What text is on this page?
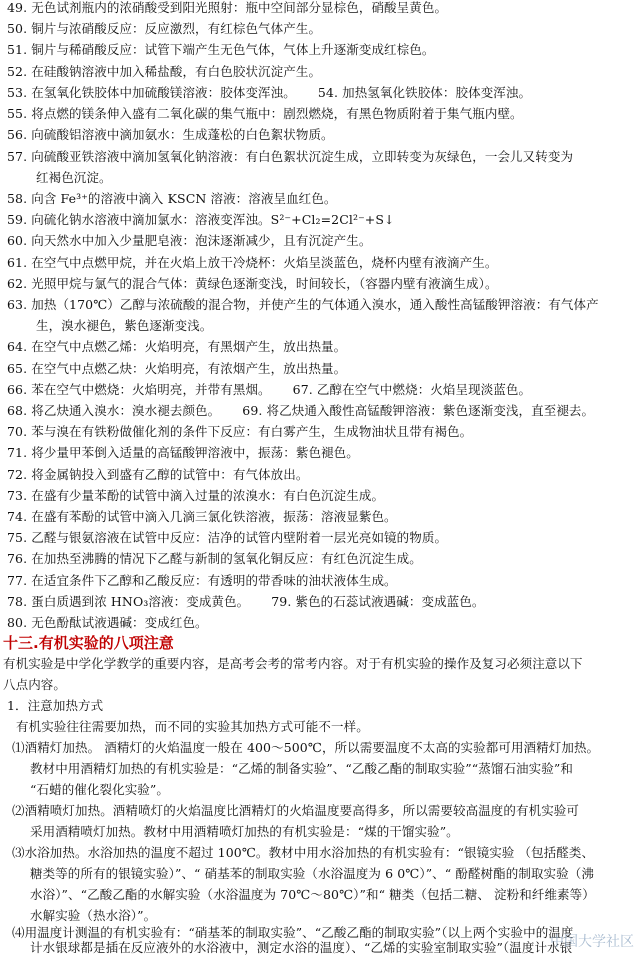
49. 无色试剂瓶内的浓硝酸受到阳光照射：瓶中空间部分显棕色，硝酸呈黄色。
50. 铜片与浓硝酸反应：反应激烈，有红棕色气体产生。
51. 铜片与稀硝酸反应：试管下端产生无色气体，气体上升逐渐变成红棕色。
52. 在硅酸钠溶液中加入稀盐酸，有白色胶状沉淀产生。
53. 在氢氧化铁胶体中加硫酸镁溶液：胶体变浑浊。 54. 加热氢氧化铁胶体：胶体变浑浊。
55. 将点燃的镁条伸入盛有二氧化碳的集气瓶中：剧烈燃烧，有黑色物质附着于集气瓶内壁。
56. 向硫酸铝溶液中滴加氨水：生成蓬松的白色絮状物质。
57. 向硫酸亚铁溶液中滴加氢氧化钠溶液：有白色絮状沉淀生成，立即转变为灰绿色，一会儿又转变为
红褐色沉淀。
58. 向含 Fe³⁺的溶液中滴入 KSCN 溶液：溶液呈血红色。
59. 向硫化钠水溶液中滴加氯水：溶液变浑浊。S²⁻+Cl₂=2Cl²⁻+S↓
60. 向天然水中加入少量肥皂液：泡沫逐渐减少，且有沉淀产生。
61. 在空气中点燃甲烷，并在火焰上放干冷烧杯：火焰呈淡蓝色，烧杯内壁有液滴产生。
62. 光照甲烷与氯气的混合气体：黄绿色逐渐变浅，时间较长，（容器内壁有液滴生成）。
63. 加热（170℃）乙醇与浓硫酸的混合物，并使产生的气体通入溴水，通入酸性高锰酸钾溶液：有气体产
生，溴水褪色，紫色逐渐变浅。
64. 在空气中点燃乙烯：火焰明亮，有黑烟产生，放出热量。
65. 在空气中点燃乙炔：火焰明亮，有浓烟产生，放出热量。
66. 苯在空气中燃烧：火焰明亮，并带有黑烟。 67. 乙醇在空气中燃烧：火焰呈现淡蓝色。
68. 将乙炔通入溴水：溴水褪去颜色。 69. 将乙炔通入酸性高锰酸钾溶液：紫色逐渐变浅，直至褪去。
70. 苯与溴在有铁粉做催化剂的条件下反应：有白雾产生，生成物油状且带有褐色。
71. 将少量甲苯倒入适量的高锰酸钾溶液中，振荡：紫色褪色。
72. 将金属钠投入到盛有乙醇的试管中：有气体放出。
73. 在盛有少量苯酚的试管中滴入过量的浓溴水：有白色沉淀生成。
74. 在盛有苯酚的试管中滴入几滴三氯化铁溶液，振荡：溶液显紫色。
75. 乙醛与银氨溶液在试管中反应：洁净的试管内壁附着一层光亮如镜的物质。
76. 在加热至沸腾的情况下乙醛与新制的氢氧化铜反应：有红色沉淀生成。
77. 在适宜条件下乙醇和乙酸反应：有透明的带香味的油状液体生成。
78. 蛋白质遇到浓 HNO₃溶液：变成黄色。 79. 紫色的石蕊试液遇碱：变成蓝色。
80. 无色酚酞试液遇碱：变成红色。
十三.有机实验的八项注意
有机实验是中学化学教学的重要内容，是高考会考的常考内容。对于有机实验的操作及复习必须注意以下
八点内容。
1．注意加热方式
有机实验往往需要加热，而不同的实验其加热方式可能不一样。
⑴酒精灯加热。 酒精灯的火焰温度一般在 400～500℃，所以需要温度不太高的实验都可用酒精灯加热。
教材中用酒精灯加热的有机实验是：“乙烯的制备实验”、“乙酸乙酯的制取实验”“蒸馏石油实验”和
“石蜡的催化裂化实验”。
⑵酒精喷灯加热。酒精喷灯的火焰温度比酒精灯的火焰温度要高得多，所以需要较高温度的有机实验可
采用酒精喷灯加热。教材中用酒精喷灯加热的有机实验是：“煤的干馏实验”。
⑶水浴加热。水浴加热的温度不超过 100℃。教材中用水浴加热的有机实验有：“银镜实验 （包括醛类、
糖类等的所有的银镜实验）”、“ 硝基苯的制取实验（水浴温度为 6 0℃）”、“ 酚醛树酯的制取实验（沸
水浴）”、“乙酸乙酯的水解实验（水浴温度为 70℃～80℃）”和“ 糖类（包括二糖、 淀粉和纤维素等）
水解实验（热水浴）”。
⑷用温度计测温的有机实验有：“硝基苯的制取实验”、“乙酸乙酯的制取实验”（以上两个实验中的温度
计水银球都是插在反应液外的水浴液中，测定水浴的温度）、“乙烯的实验室制取实验”（温度计水银
中国大学社区
